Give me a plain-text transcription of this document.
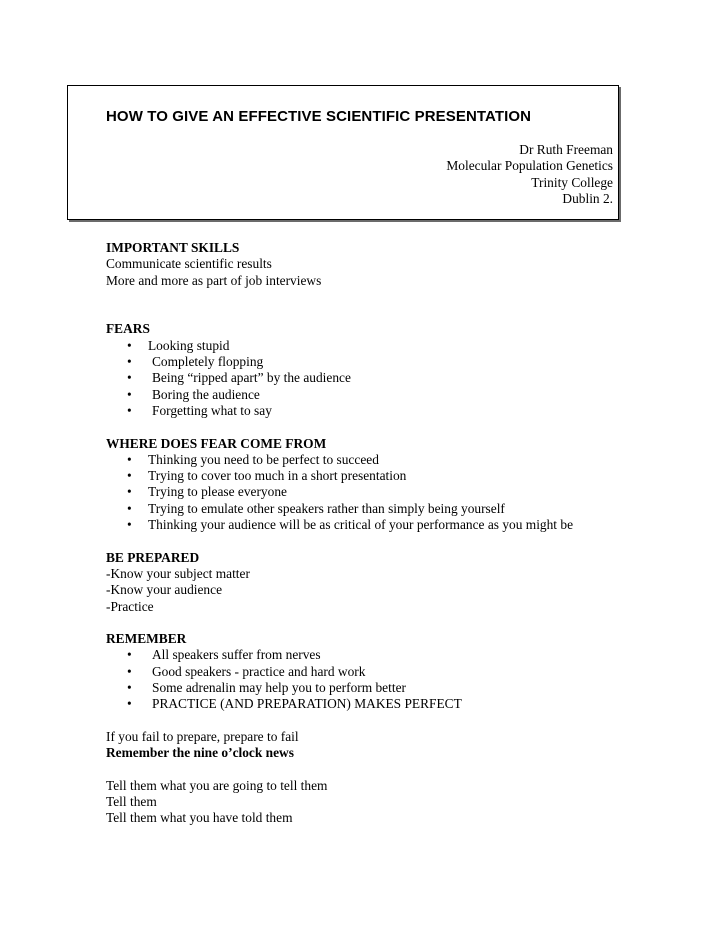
HOW TO GIVE AN EFFECTIVE SCIENTIFIC PRESENTATION
Dr Ruth Freeman
Molecular Population Genetics
Trinity College
Dublin 2.
IMPORTANT SKILLS
Communicate scientific results
More and more as part of job interviews
FEARS
• Looking stupid
• Completely flopping
• Being “ripped apart” by the audience
• Boring the audience
• Forgetting what to say
WHERE DOES FEAR COME FROM
• Thinking you need to be perfect to succeed
• Trying to cover too much in a short presentation
• Trying to please everyone
• Trying to emulate other speakers rather than simply being yourself
• Thinking your audience will be as critical of your performance as you might be
BE PREPARED
-Know your subject matter
-Know your audience
-Practice
REMEMBER
• All speakers suffer from nerves
• Good speakers - practice and hard work
• Some adrenalin may help you to perform better
• PRACTICE (AND PREPARATION) MAKES PERFECT
If you fail to prepare, prepare to fail
Remember the nine o’clock news
Tell them what you are going to tell them
Tell them
Tell them what you have told them
